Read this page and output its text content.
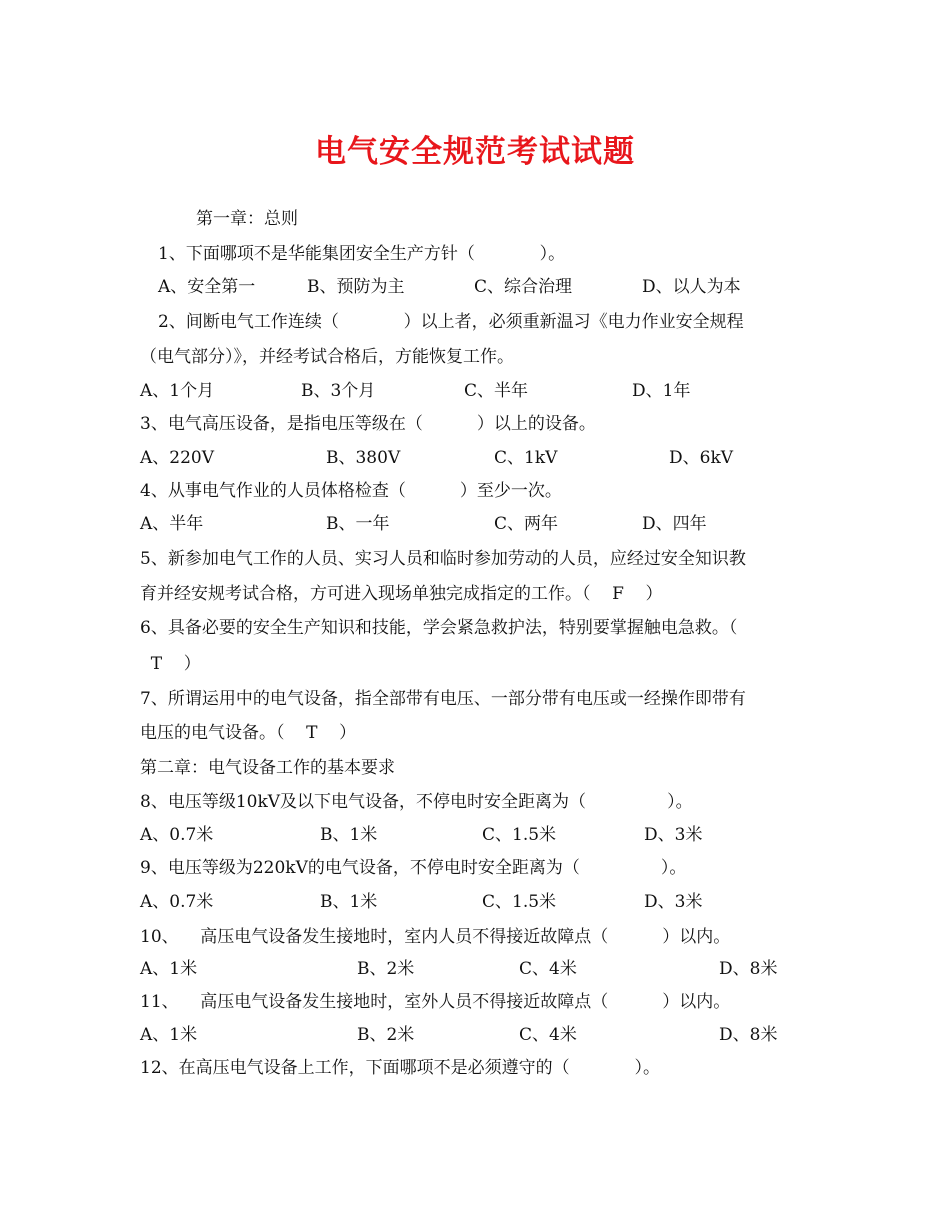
电气安全规范考试试题
第一章：总则
1、下面哪项不是华能集团安全生产方针（            ）。
A、安全第一	B、预防为主	C、综合治理	D、以人为本
2、间断电气工作连续（            ）以上者，必须重新温习《电力作业安全规程
（电气部分）》，并经考试合格后，方能恢复工作。
A、1个月	B、3个月	C、半年	D、1年
3、电气高压设备，是指电压等级在（          ）以上的设备。
A、220V	B、380V	C、1kV	D、6kV
4、从事电气作业的人员体格检查（          ）至少一次。
A、半年	B、一年	C、两年	D、四年
5、新参加电气工作的人员、实习人员和临时参加劳动的人员，应经过安全知识教
育并经安规考试合格，方可进入现场单独完成指定的工作。（    F    ）
6、具备必要的安全生产知识和技能，学会紧急救护法，特别要掌握触电急救。（
T    ）
7、所谓运用中的电气设备，指全部带有电压、一部分带有电压或一经操作即带有
电压的电气设备。（    T    ）
第二章：电气设备工作的基本要求
8、电压等级10kV及以下电气设备，不停电时安全距离为（               ）。
A、0.7米	B、1米	C、1.5米	D、3米
9、电压等级为220kV的电气设备，不停电时安全距离为（               ）。
A、0.7米	B、1米	C、1.5米	D、3米
10、    高压电气设备发生接地时，室内人员不得接近故障点（          ）以内。
A、1米	B、2米	C、4米	D、8米
11、    高压电气设备发生接地时，室外人员不得接近故障点（          ）以内。
A、1米	B、2米	C、4米	D、8米
12、在高压电气设备上工作，下面哪项不是必须遵守的（            ）。
